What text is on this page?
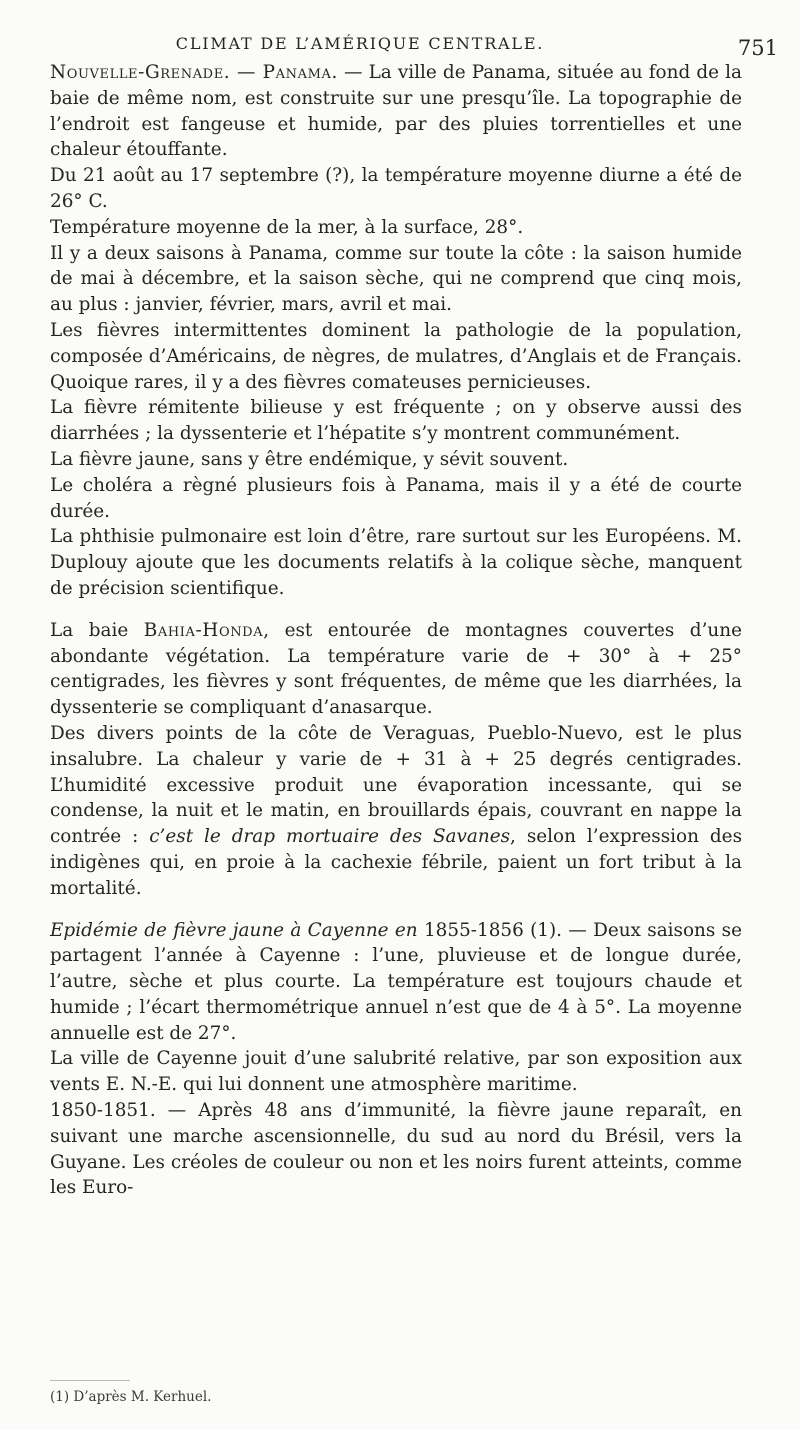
CLIMAT DE L’AMÉRIQUE CENTRALE.	751

Nouvelle-Grenade. — Panama. — La ville de Panama, située au fond de la baie de même nom, est construite sur une presqu’île. La topographie de l’endroit est fangeuse et humide, par des pluies torrentielles et une chaleur étouffante.

Du 21 août au 17 septembre (?), la température moyenne diurne a été de 26° C.

Température moyenne de la mer, à la surface, 28°.

Il y a deux saisons à Panama, comme sur toute la côte : la saison humide de mai à décembre, et la saison sèche, qui ne comprend que cinq mois, au plus : janvier, février, mars, avril et mai.

Les fièvres intermittentes dominent la pathologie de la population, composée d’Américains, de nègres, de mulatres, d’Anglais et de Français. Quoique rares, il y a des fièvres comateuses pernicieuses.

La fièvre rémitente bilieuse y est fréquente ; on y observe aussi des diarrhées ; la dyssenterie et l’hépatite s’y montrent communément.

La fièvre jaune, sans y être endémique, y sévit souvent.

Le choléra a règné plusieurs fois à Panama, mais il y a été de courte durée.

La phthisie pulmonaire est loin d’être, rare surtout sur les Européens. M. Duplouy ajoute que les documents relatifs à la colique sèche, manquent de précision scientifique.

La baie Bahia-Honda, est entourée de montagnes couvertes d’une abondante végétation. La température varie de + 30° à + 25° centigrades, les fièvres y sont fréquentes, de même que les diarrhées, la dyssenterie se compliquant d’anasarque.

Des divers points de la côte de Veraguas, Pueblo-Nuevo, est le plus insalubre. La chaleur y varie de + 31 à + 25 degrés centigrades. L’humidité excessive produit une évaporation incessante, qui se condense, la nuit et le matin, en brouillards épais, couvrant en nappe la contrée : c’est le drap mortuaire des Savanes, selon l’expression des indigènes qui, en proie à la cachexie fébrile, paient un fort tribut à la mortalité.

Epidémie de fièvre jaune à Cayenne en 1855-1856 (1). — Deux saisons se partagent l’année à Cayenne : l’une, pluvieuse et de longue durée, l’autre, sèche et plus courte. La température est toujours chaude et humide ; l’écart thermométrique annuel n’est que de 4 à 5°. La moyenne annuelle est de 27°.

La ville de Cayenne jouit d’une salubrité relative, par son exposition aux vents E. N.-E. qui lui donnent une atmosphère maritime.

1850-1851. — Après 48 ans d’immunité, la fièvre jaune reparaît, en suivant une marche ascensionnelle, du sud au nord du Brésil, vers la Guyane. Les créoles de couleur ou non et les noirs furent atteints, comme les Euro-

(1) D’après M. Kerhuel.
